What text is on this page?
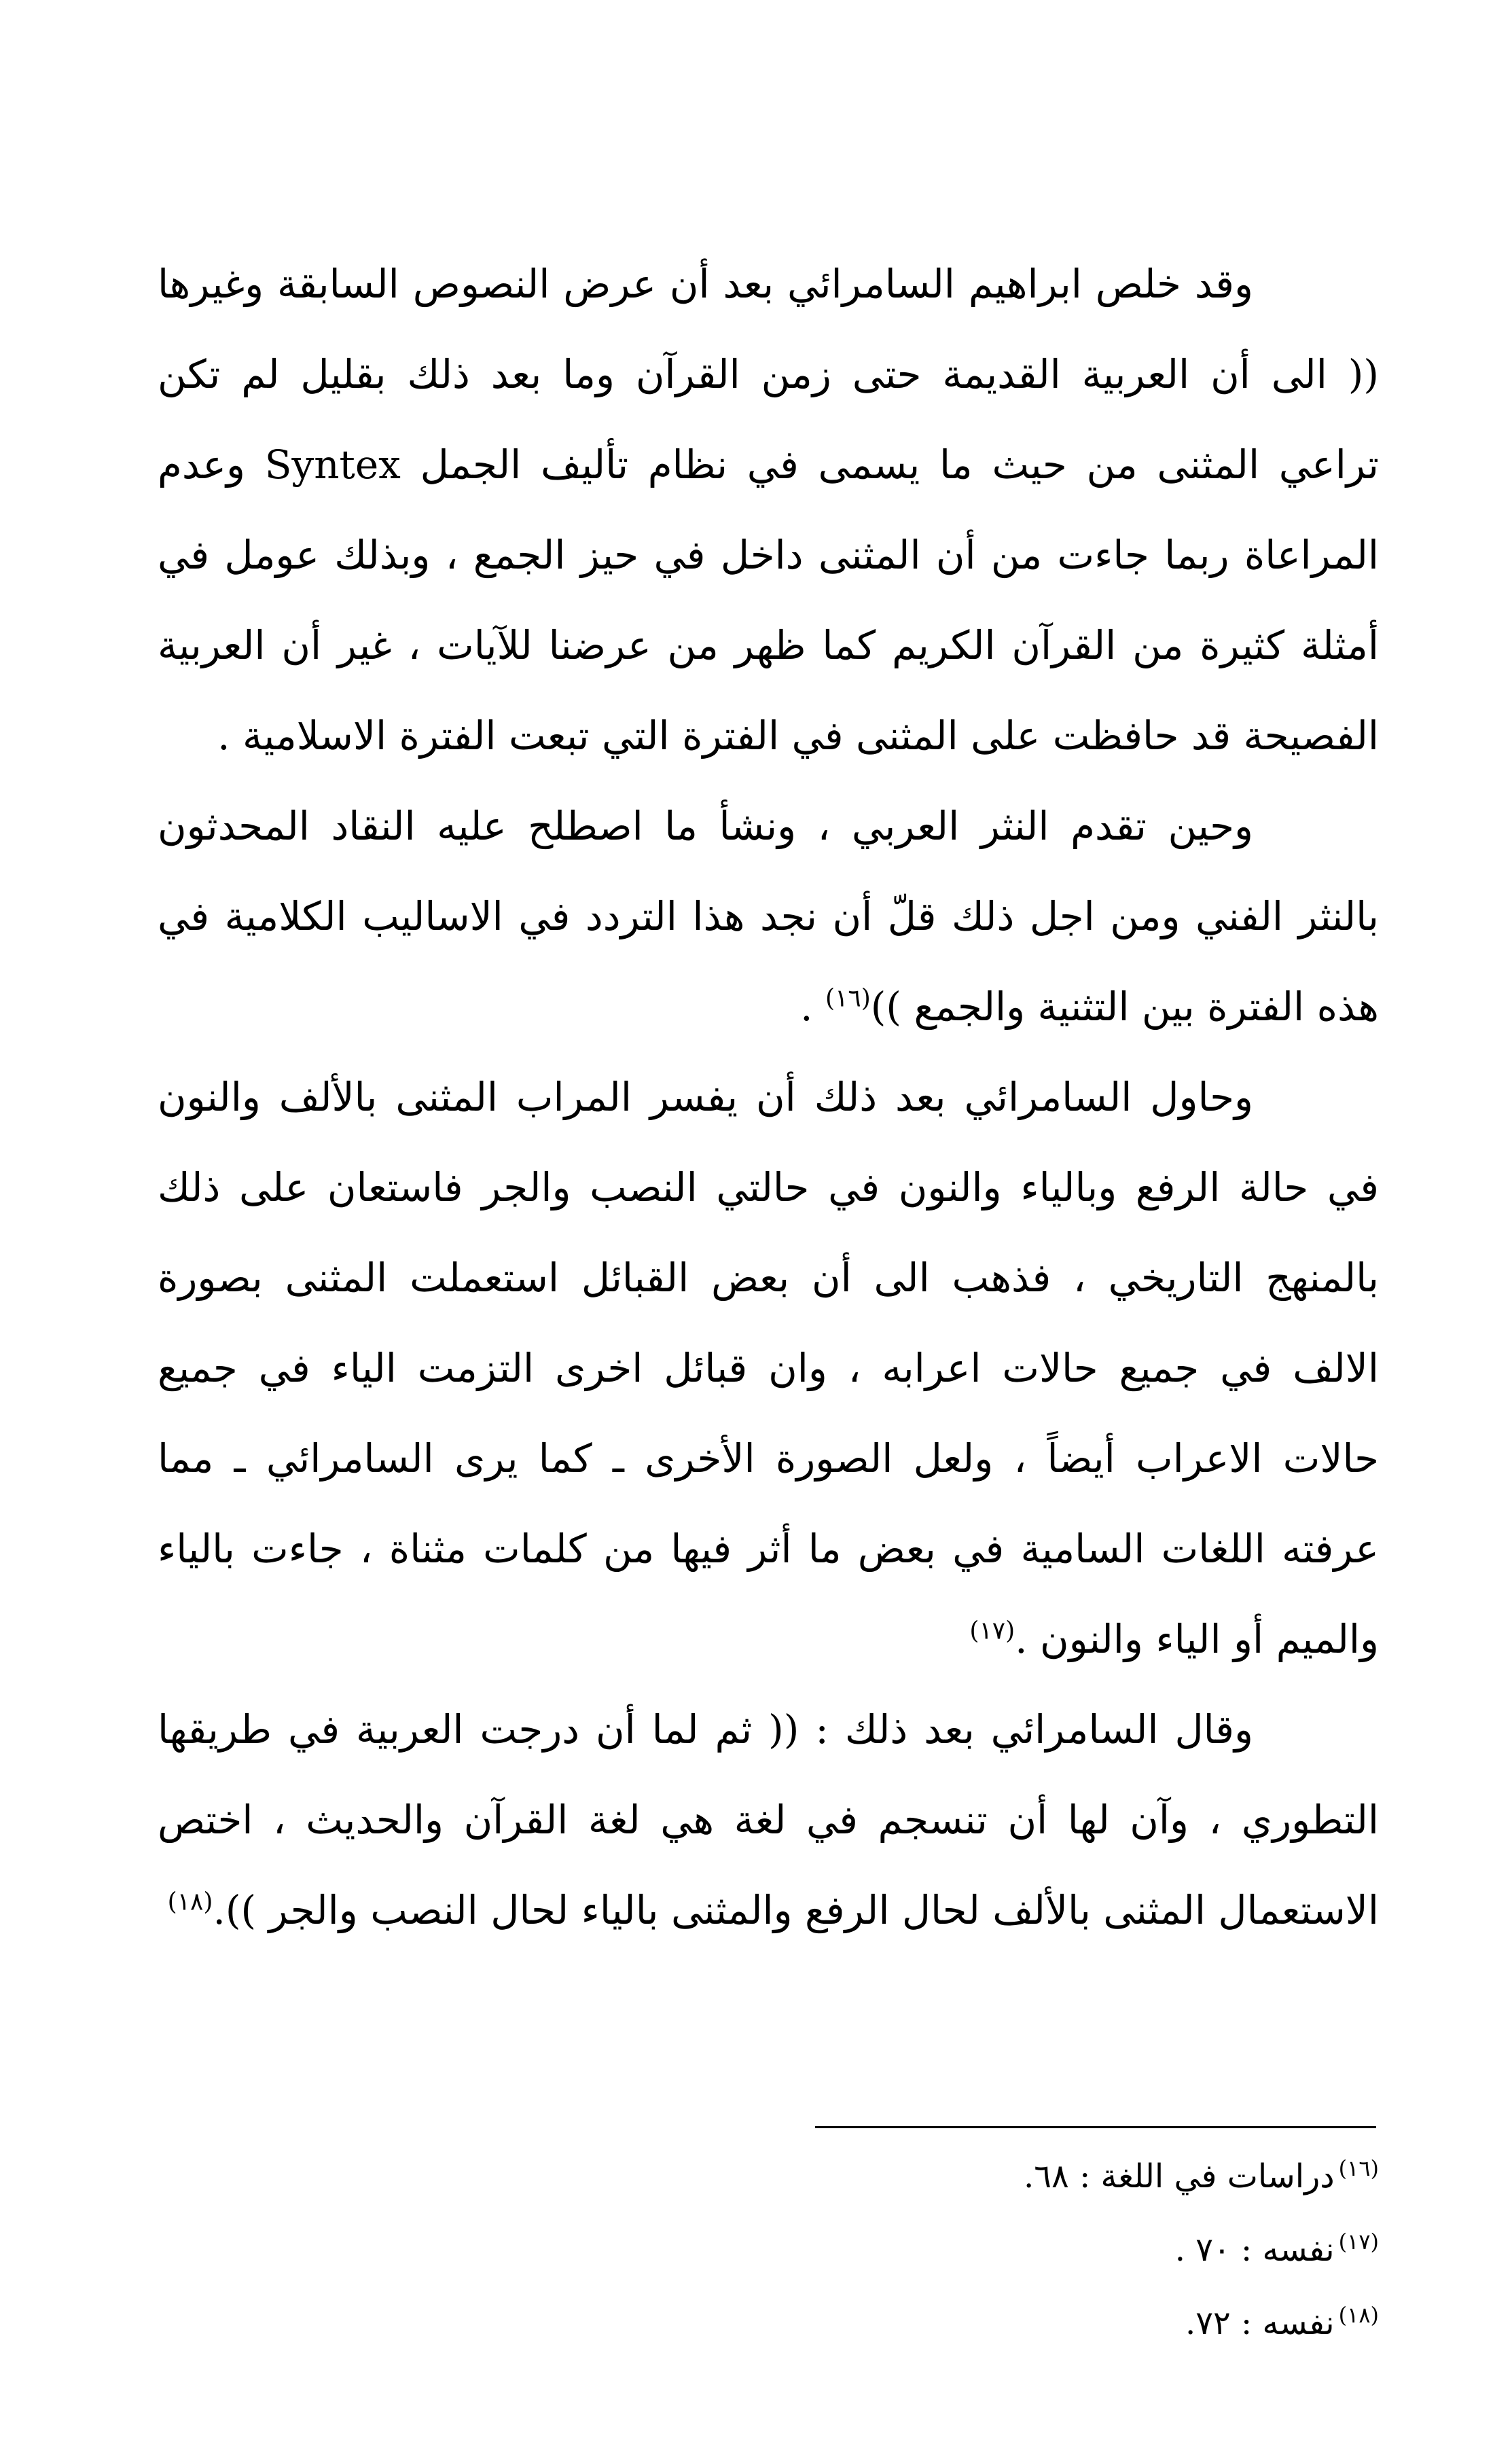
وقد خلص ابراهيم السامرائي بعد أن عرض النصوص السابقة وغيرها (( الى أن العربية القديمة حتى زمن القرآن وما بعد ذلك بقليل لم تكن تراعي المثنى من حيث ما يسمى في نظام تأليف الجمل Syntex وعدم المراعاة ربما جاءت من أن المثنى داخل في حيز الجمع ، وبذلك عومل في أمثلة كثيرة من القرآن الكريم كما ظهر من عرضنا للآيات ، غير أن العربية الفصيحة قد حافظت على المثنى في الفترة التي تبعت الفترة الاسلامية .

وحين تقدم النثر العربي ، ونشأ ما اصطلح عليه النقاد المحدثون بالنثر الفني ومن اجل ذلك قلّ أن نجد هذا التردد في الاساليب الكلامية في هذه الفترة بين التثنية والجمع ))$^{(١٦)}$ .

وحاول السامرائي بعد ذلك أن يفسر المراب المثنى بالألف والنون في حالة الرفع وبالياء والنون في حالتي النصب والجر فاستعان على ذلك بالمنهج التاريخي ، فذهب الى أن بعض القبائل استعملت المثنى بصورة الالف في جميع حالات اعرابه ، وان قبائل اخرى التزمت الياء في جميع حالات الاعراب أيضاً ، ولعل الصورة الأخرى ـ كما يرى السامرائي ـ مما عرفته اللغات السامية في بعض ما أثر فيها من كلمات مثناة ، جاءت بالياء والميم أو الياء والنون .$^{(١٧)}$

وقال السامرائي بعد ذلك : (( ثم لما أن درجت العربية في طريقها التطوري ، وآن لها أن تنسجم في لغة هي لغة القرآن والحديث ، اختص الاستعمال المثنى بالألف لحال الرفع والمثنى بالياء لحال النصب والجر )).$^{(١٨)}$

$^{(١٦)}$دراسات في اللغة : ٦٨.

$^{(١٧)}$نفسه : ٧٠ .

$^{(١٨)}$نفسه : ٧٢.
